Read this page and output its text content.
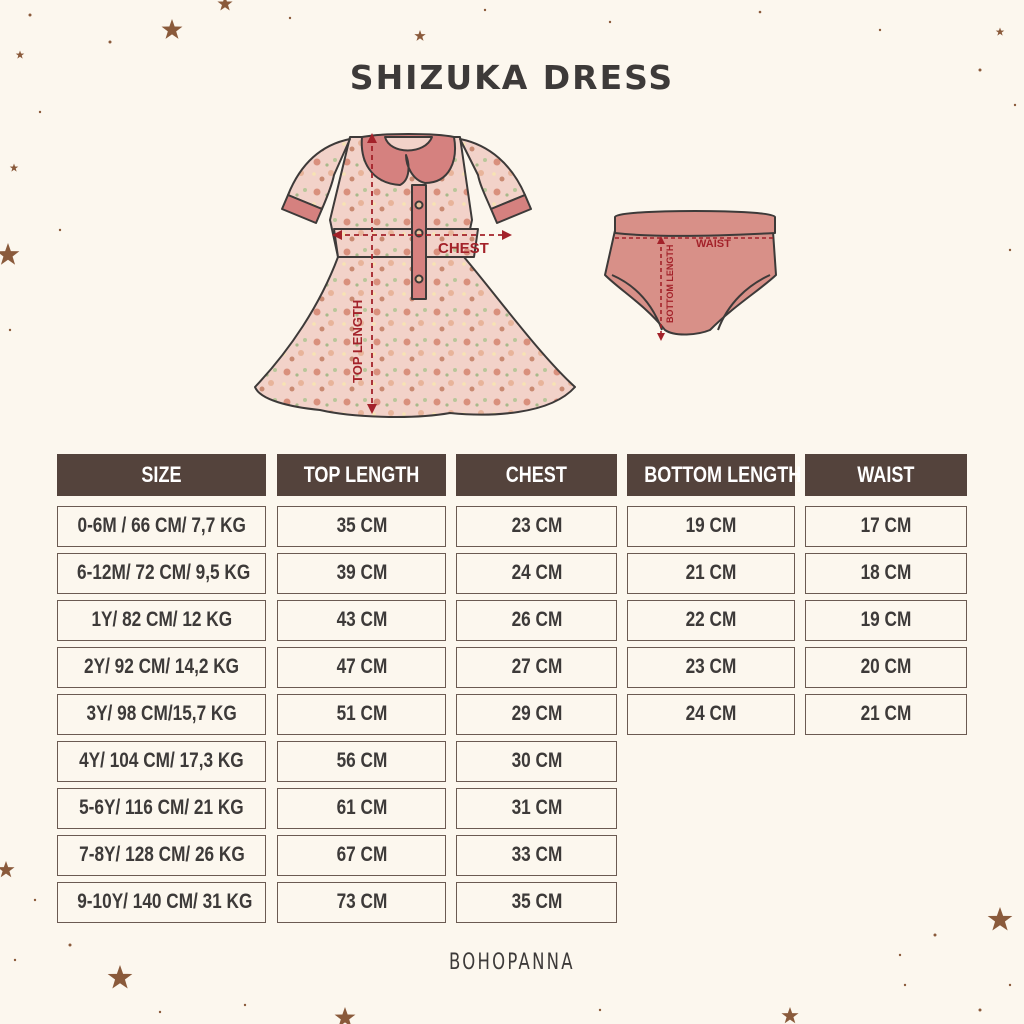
SHIZUKA DRESS
CHEST
TOP LENGTH
WAIST
BOTTOM LENGTH
SIZE
0-6M / 66 CM/ 7,7 KG
6-12M/ 72 CM/ 9,5 KG
1Y/ 82 CM/ 12 KG
2Y/ 92 CM/ 14,2 KG
3Y/ 98 CM/15,7 KG
4Y/ 104 CM/ 17,3 KG
5-6Y/ 116 CM/ 21 KG
7-8Y/ 128 CM/ 26 KG
9-10Y/ 140 CM/ 31 KG
TOP LENGTH
35 CM
39 CM
43 CM
47 CM
51 CM
56 CM
61 CM
67 CM
73 CM
CHEST
23 CM
24 CM
26 CM
27 CM
29 CM
30 CM
31 CM
33 CM
35 CM
BOTTOM LENGTH
19 CM
21 CM
22 CM
23 CM
24 CM
WAIST
17 CM
18 CM
19 CM
20 CM
21 CM
BOHOPANNA
